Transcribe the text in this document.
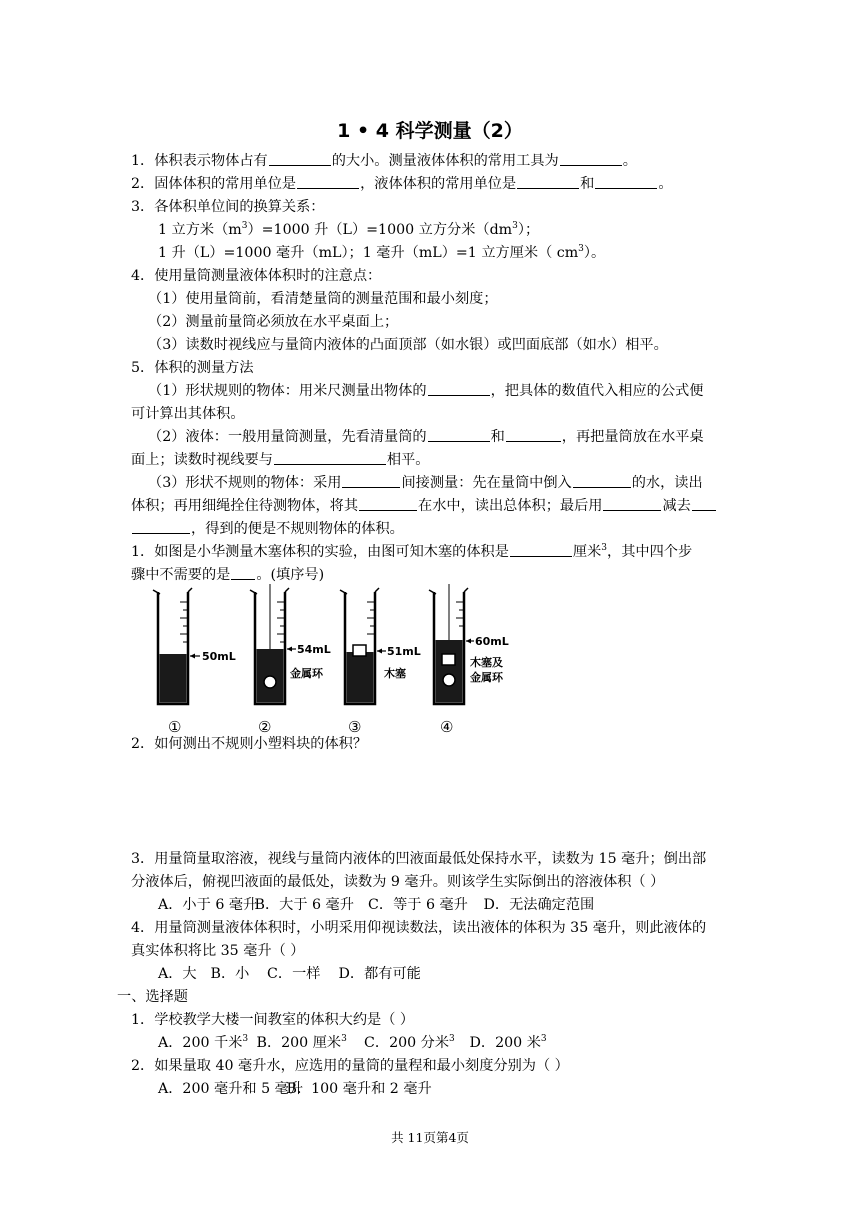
1 • 4 科学测量（2）
1．体积表示物体占有	的大小。测量液体体积的常用工具为	。
2．固体体积的常用单位是	，液体体积的常用单位是	和	。
3．各体积单位间的换算关系：
1 立方米$(m^3)=1000$ 升（L）=1000 立方分米$(dm^3)$；
1 升（L）=1000 毫升（mL）；1 毫升（mL）=1 立方厘米（ $cm^3$）。
4．使用量筒测量液体体积时的注意点：
（1）使用量筒前，看清楚量筒的测量范围和最小刻度；
（2）测量前量筒必须放在水平桌面上；
（3）读数时视线应与量筒内液体的凸面顶部（如水银）或凹面底部（如水）相平。
5．体积的测量方法
（1）形状规则的物体：用米尺测量出物体的	，把具体的数值代入相应的公式便
可计算出其体积。
（2）液体：一般用量筒测量，先看清量筒的	和	，再把量筒放在水平桌
面上；读数时视线要与	相平。
（3）形状不规则的物体：采用	间接测量：先在量筒中倒入	的水，读出
体积；再用细绳拴住待测物体，将其	在水中，读出总体积；最后用	减去
，得到的便是不规则物体的体积。
1．如图是小华测量木塞体积的实验，由图可知木塞的体积是	厘米$^3$，其中四个步
骤中不需要的是 。(填序号)
50mL
54mL
金属环
51mL
木塞
60mL
木塞及
金属环
①	②	③	④
2．如何测出不规则小塑料块的体积？
3．用量筒量取溶液，视线与量筒内液体的凹液面最低处保持水平，读数为 15 毫升；倒出部
分液体后，俯视凹液面的最低处，读数为 9 毫升。则该学生实际倒出的溶液体积（ ）
A．小于 6 毫升 B．大于 6 毫升 C．等于 6 毫升 D．无法确定范围
4．用量筒测量液体体积时，小明采用仰视读数法，读出液体的体积为 35 毫升，则此液体的
真实体积将比 35 毫升（ ）
A．大 B．小 C．一样 D．都有可能
一、选择题
1．学校教学大楼一间教室的体积大约是（ ）
A．200 千米$^3$ B．200 厘米$^3$ C．200 分米$^3$ D．200 米$^3$
2．如果量取 40 毫升水，应选用的量筒的量程和最小刻度分别为（ ）
A．200 毫升和 5 毫升 B．100 毫升和 2 毫升
共 11页第4页
